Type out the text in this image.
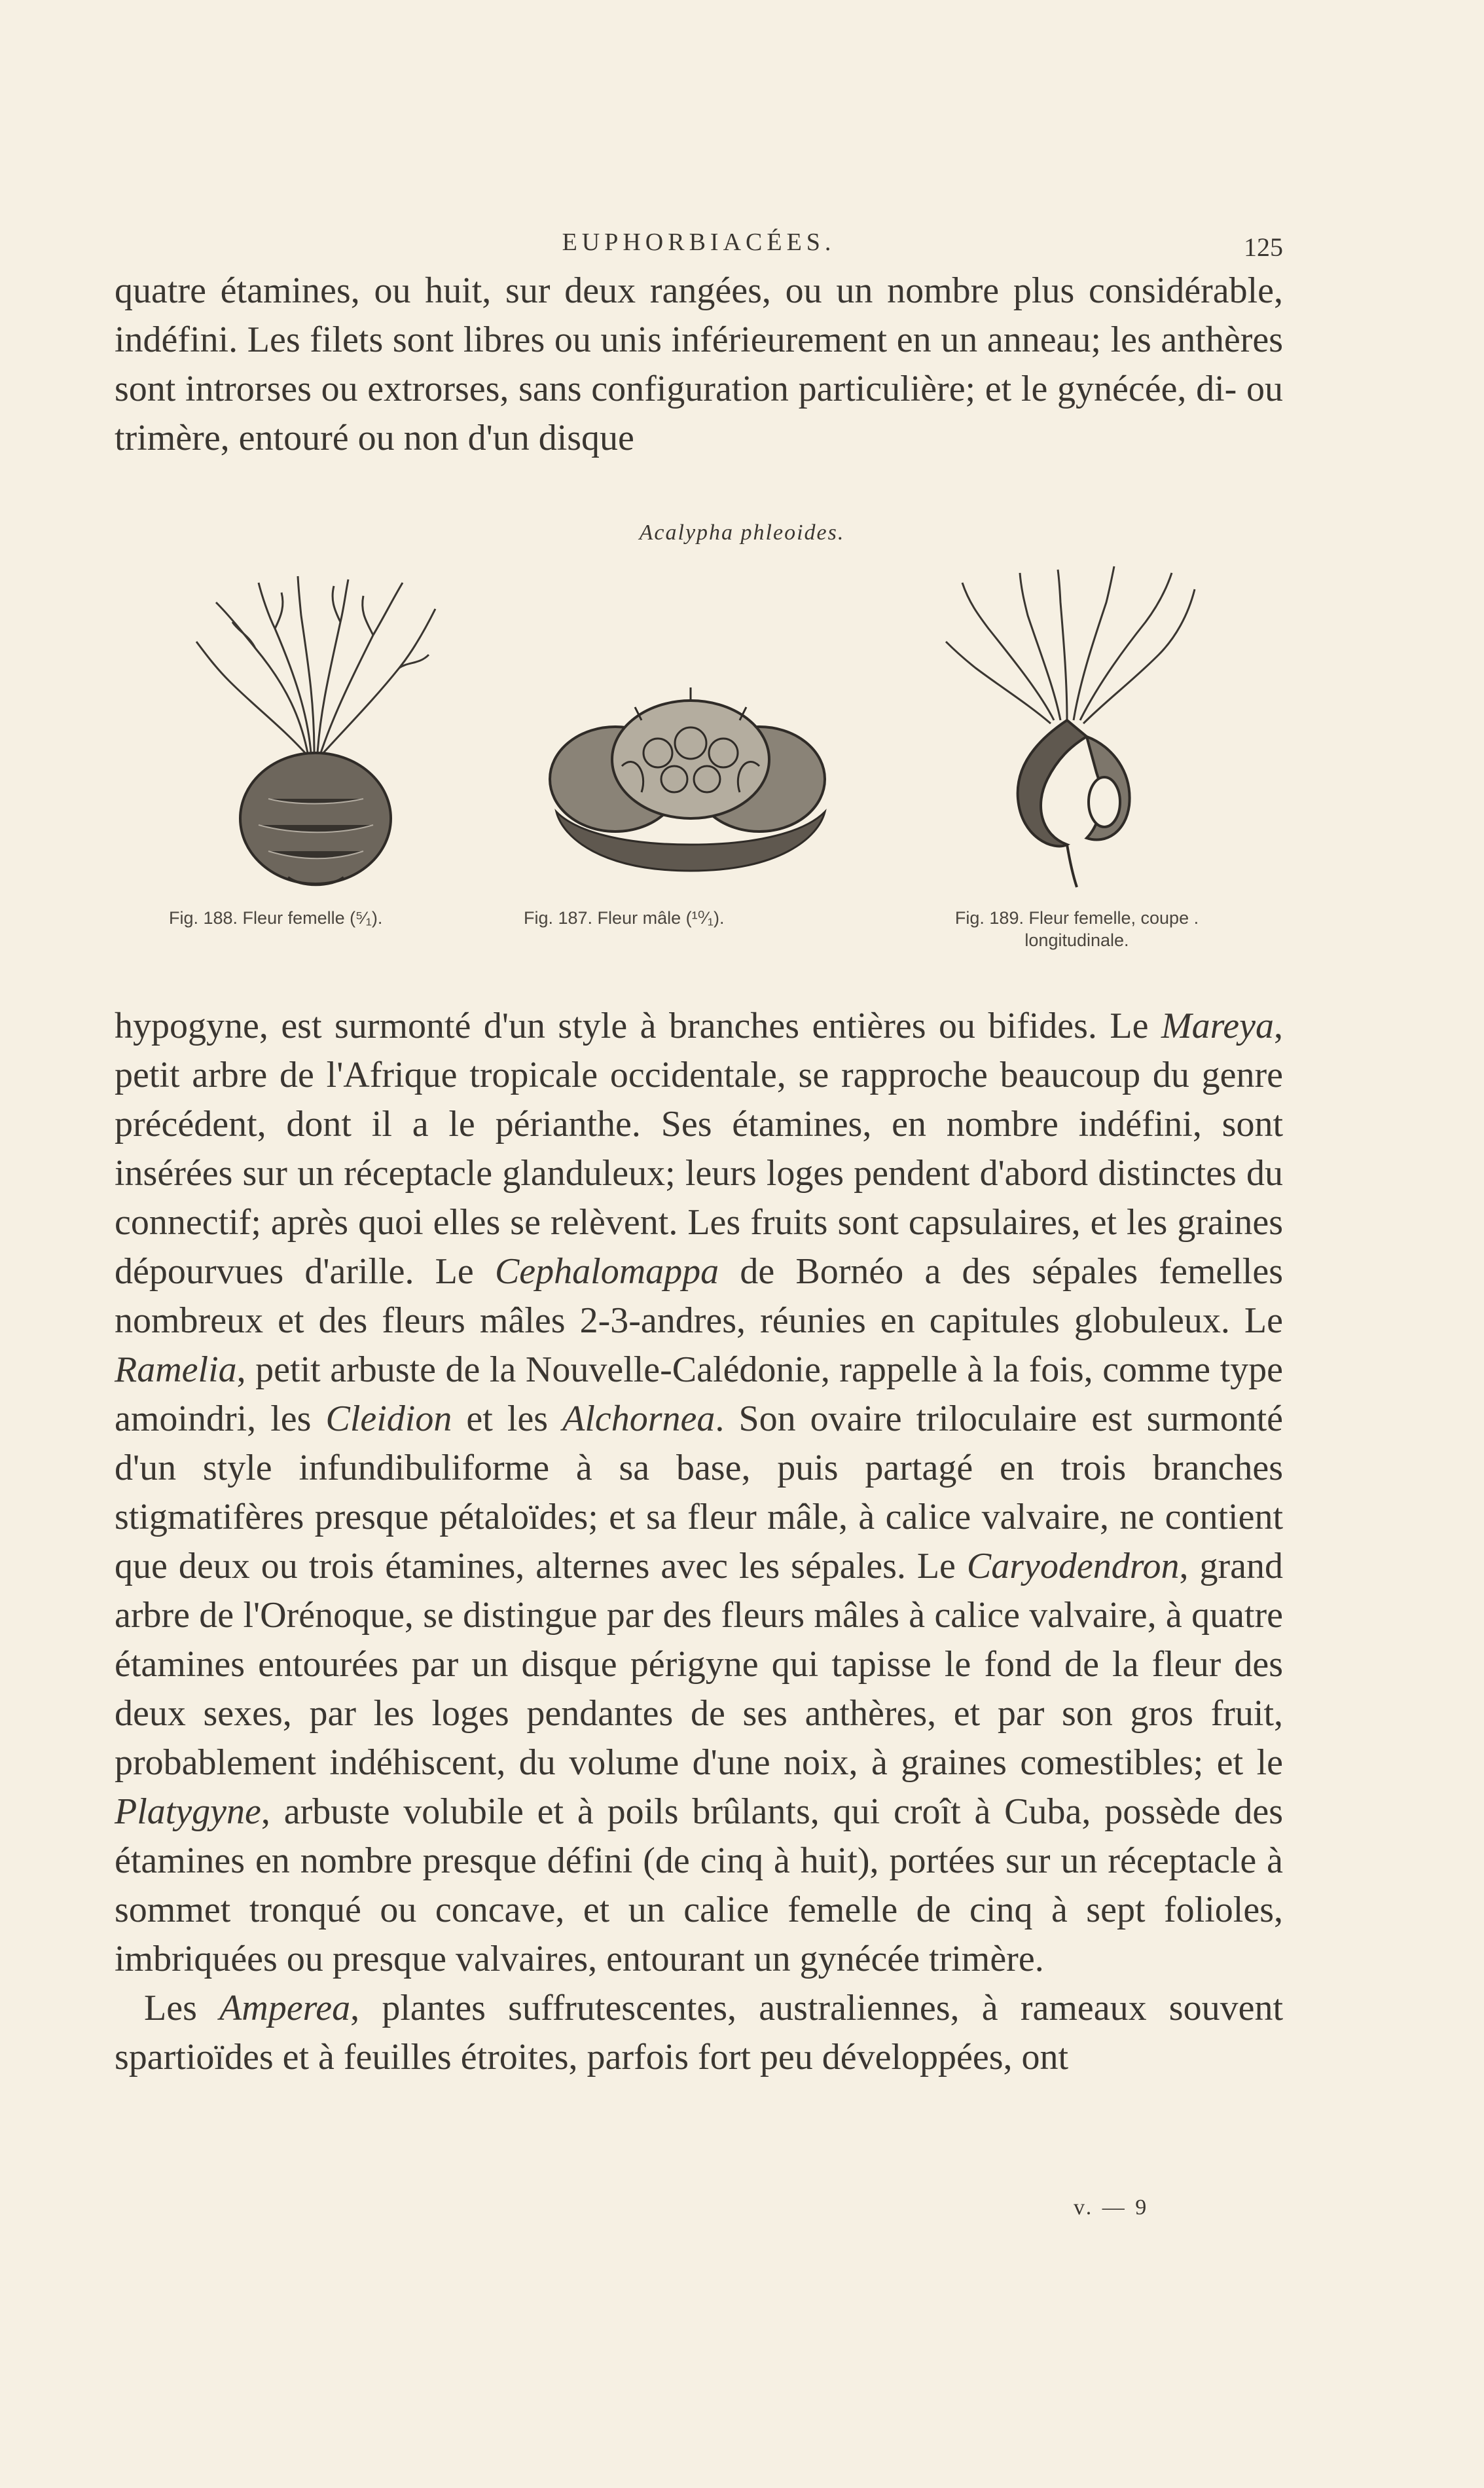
EUPHORBIACÉES.	125

quatre étamines, ou huit, sur deux rangées, ou un nombre plus considérable, indéfini. Les filets sont libres ou unis inférieurement en un anneau; les anthères sont introrses ou extrorses, sans configuration particulière; et le gynécée, di- ou trimère, entouré ou non d'un disque

Acalypha phleoides.
Fig. 188. Fleur femelle (⁵⁄₁).	Fig. 187. Fleur mâle (¹⁰⁄₁).	Fig. 189. Fleur femelle, coupe . longitudinale.

hypogyne, est surmonté d'un style à branches entières ou bifides. Le Mareya, petit arbre de l'Afrique tropicale occidentale, se rapproche beaucoup du genre précédent, dont il a le périanthe. Ses étamines, en nombre indéfini, sont insérées sur un réceptacle glanduleux; leurs loges pendent d'abord distinctes du connectif; après quoi elles se relèvent. Les fruits sont capsulaires, et les graines dépourvues d'arille. Le Cephalomappa de Bornéo a des sépales femelles nombreux et des fleurs mâles 2-3-andres, réunies en capitules globuleux. Le Ramelia, petit arbuste de la Nouvelle-Calédonie, rappelle à la fois, comme type amoindri, les Cleidion et les Alchornea. Son ovaire triloculaire est surmonté d'un style infundibuliforme à sa base, puis partagé en trois branches stigmatifères presque pétaloïdes; et sa fleur mâle, à calice valvaire, ne contient que deux ou trois étamines, alternes avec les sépales. Le Caryodendron, grand arbre de l'Orénoque, se distingue par des fleurs mâles à calice valvaire, à quatre étamines entourées par un disque périgyne qui tapisse le fond de la fleur des deux sexes, par les loges pendantes de ses anthères, et par son gros fruit, probablement indéhiscent, du volume d'une noix, à graines comestibles; et le Platygyne, arbuste volubile et à poils brûlants, qui croît à Cuba, possède des étamines en nombre presque défini (de cinq à huit), portées sur un réceptacle à sommet tronqué ou concave, et un calice femelle de cinq à sept folioles, imbriquées ou presque valvaires, entourant un gynécée trimère.

Les Amperea, plantes suffrutescentes, australiennes, à rameaux souvent spartioïdes et à feuilles étroites, parfois fort peu développées, ont

v. — 9
